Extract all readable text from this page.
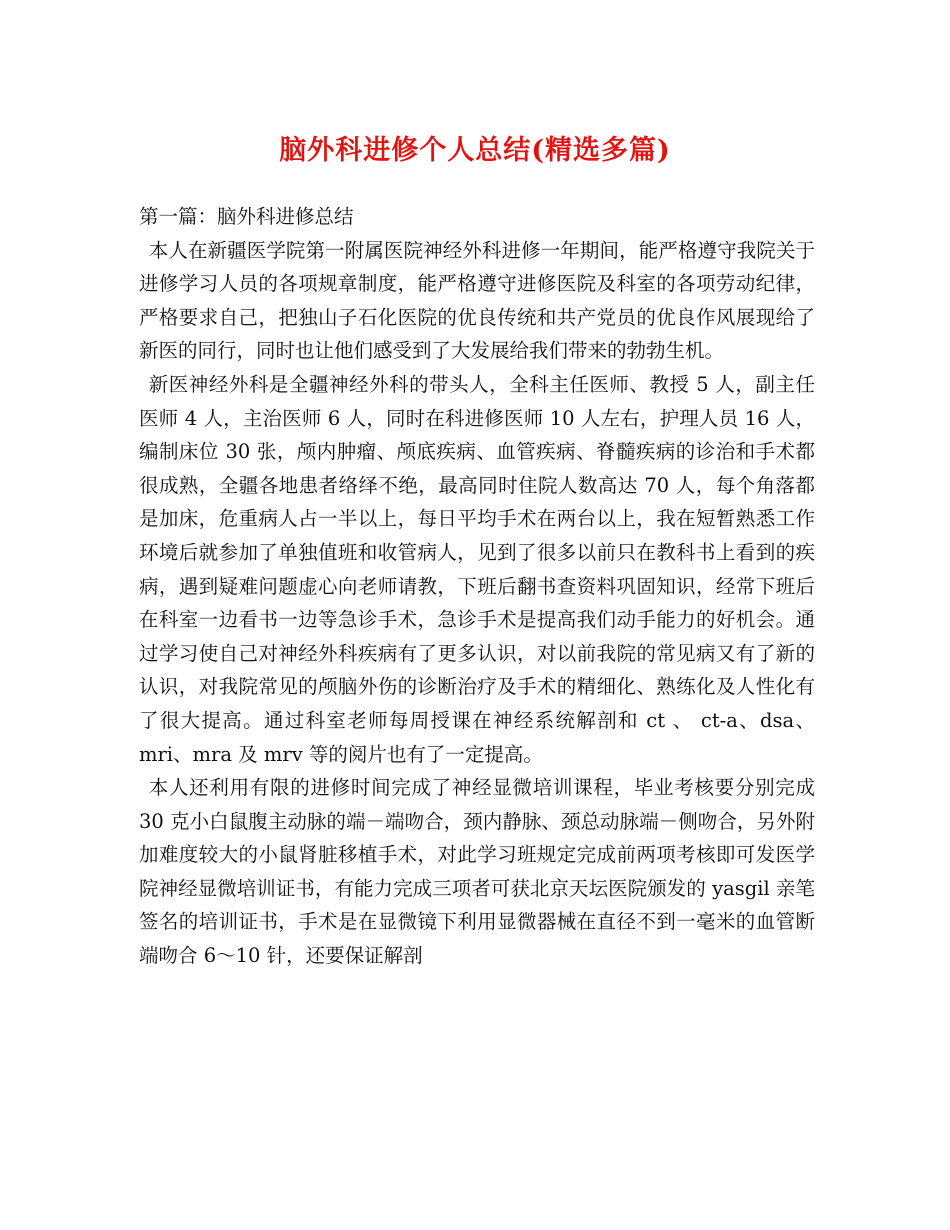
脑外科进修个人总结(精选多篇)
第一篇：脑外科进修总结

本人在新疆医学院第一附属医院神经外科进修一年期间，能严格遵守我院关于进修学习人员的各项规章制度，能严格遵守进修医院及科室的各项劳动纪律，严格要求自己，把独山子石化医院的优良传统和共产党员的优良作风展现给了新医的同行，同时也让他们感受到了大发展给我们带来的勃勃生机。

新医神经外科是全疆神经外科的带头人，全科主任医师、教授 5 人，副主任医师 4 人，主治医师 6 人，同时在科进修医师 10 人左右，护理人员 16 人，编制床位 30 张，颅内肿瘤、颅底疾病、血管疾病、脊髓疾病的诊治和手术都很成熟，全疆各地患者络绎不绝，最高同时住院人数高达 70 人，每个角落都是加床，危重病人占一半以上，每日平均手术在两台以上，我在短暂熟悉工作环境后就参加了单独值班和收管病人，见到了很多以前只在教科书上看到的疾病，遇到疑难问题虚心向老师请教，下班后翻书查资料巩固知识，经常下班后在科室一边看书一边等急诊手术，急诊手术是提高我们动手能力的好机会。通过学习使自己对神经外科疾病有了更多认识，对以前我院的常见病又有了新的认识，对我院常见的颅脑外伤的诊断治疗及手术的精细化、熟练化及人性化有了很大提高。通过科室老师每周授课在神经系统解剖和 ct 、 ct-a、dsa、mri、mra 及 mrv 等的阅片也有了一定提高。

本人还利用有限的进修时间完成了神经显微培训课程，毕业考核要分别完成 30 克小白鼠腹主动脉的端－端吻合，颈内静脉、颈总动脉端－侧吻合，另外附加难度较大的小鼠肾脏移植手术，对此学习班规定完成前两项考核即可发医学院神经显微培训证书，有能力完成三项者可获北京天坛医院颁发的 yasgil 亲笔签名的培训证书，手术是在显微镜下利用显微器械在直径不到一毫米的血管断端吻合 6～10 针，还要保证解剖
